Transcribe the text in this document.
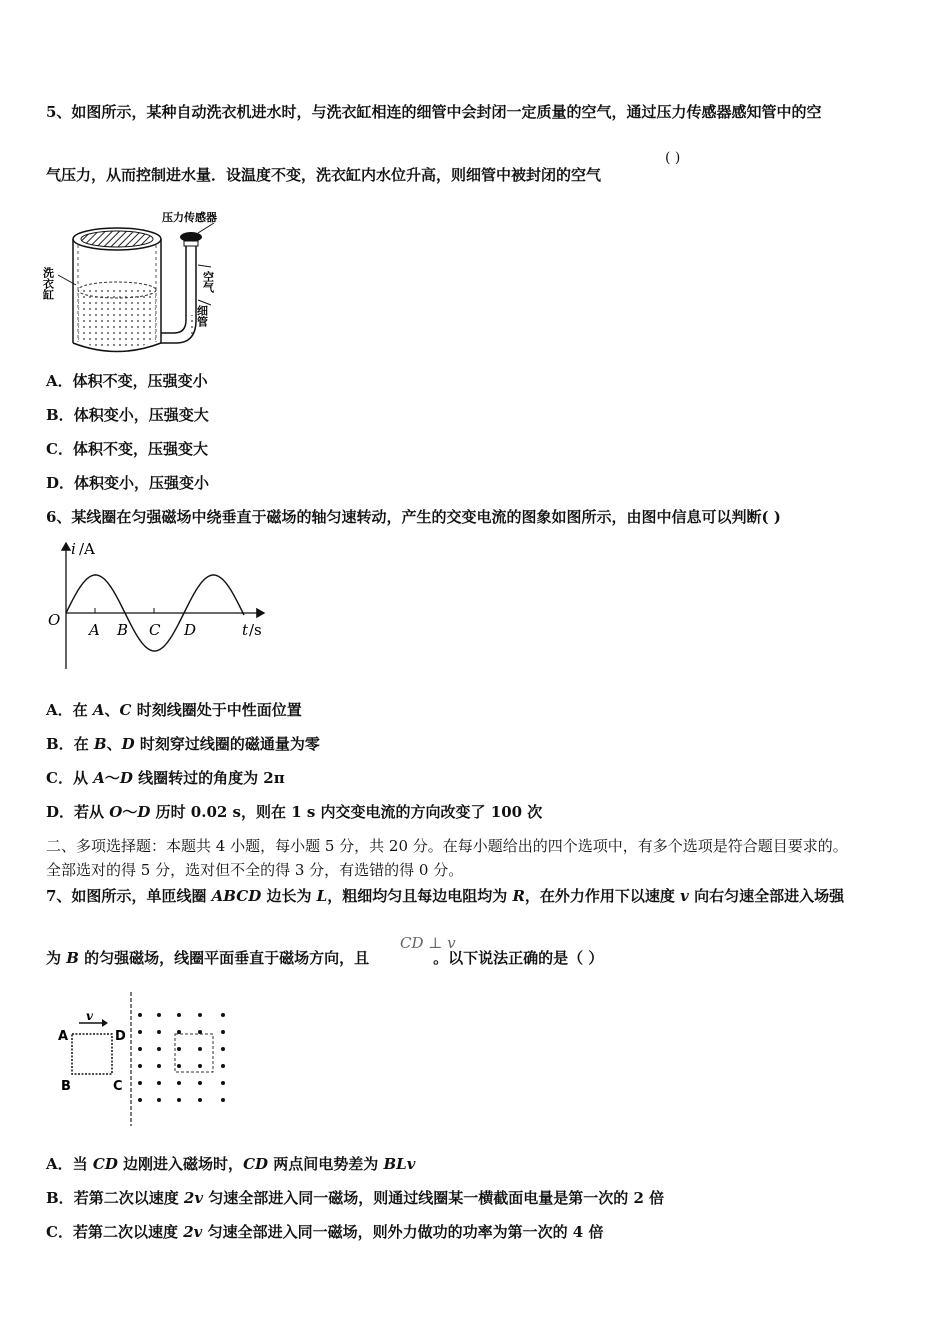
5、如图所示，某种自动洗衣机进水时，与洗衣缸相连的细管中会封闭一定质量的空气，通过压力传感器感知管中的空
气压力，从而控制进水量．设温度不变，洗衣缸内水位升高，则细管中被封闭的空气
( )
压力传感器
空气
细管
洗衣缸
A．体积不变，压强变小
B．体积变小，压强变大
C．体积不变，压强变大
D．体积变小，压强变小
6、某线圈在匀强磁场中绕垂直于磁场的轴匀速转动，产生的交变电流的图象如图所示，由图中信息可以判断( )
i /A
O
A B C D	t /s
A．在 A、C 时刻线圈处于中性面位置
B．在 B、D 时刻穿过线圈的磁通量为零
C．从 A～D 线圈转过的角度为 2π
D．若从 O～D 历时 0.02 s，则在 1 s 内交变电流的方向改变了 100 次
二、多项选择题：本题共 4 小题，每小题 5 分，共 20 分。在每小题给出的四个选项中，有多个选项是符合题目要求的。
全部选对的得 5 分，选对但不全的得 3 分，有选错的得 0 分。
7、如图所示，单匝线圈 ABCD 边长为 L，粗细均匀且每边电阻均为 R，在外力作用下以速度 v 向右匀速全部进入场强
为 B 的匀强磁场，线圈平面垂直于磁场方向，且	。以下说法正确的是（ ）
CD ⊥ v
v
A	D
B	C
A．当 CD 边刚进入磁场时，CD 两点间电势差为 BLv
B．若第二次以速度 2v 匀速全部进入同一磁场，则通过线圈某一横截面电量是第一次的 2 倍
C．若第二次以速度 2v 匀速全部进入同一磁场，则外力做功的功率为第一次的 4 倍
